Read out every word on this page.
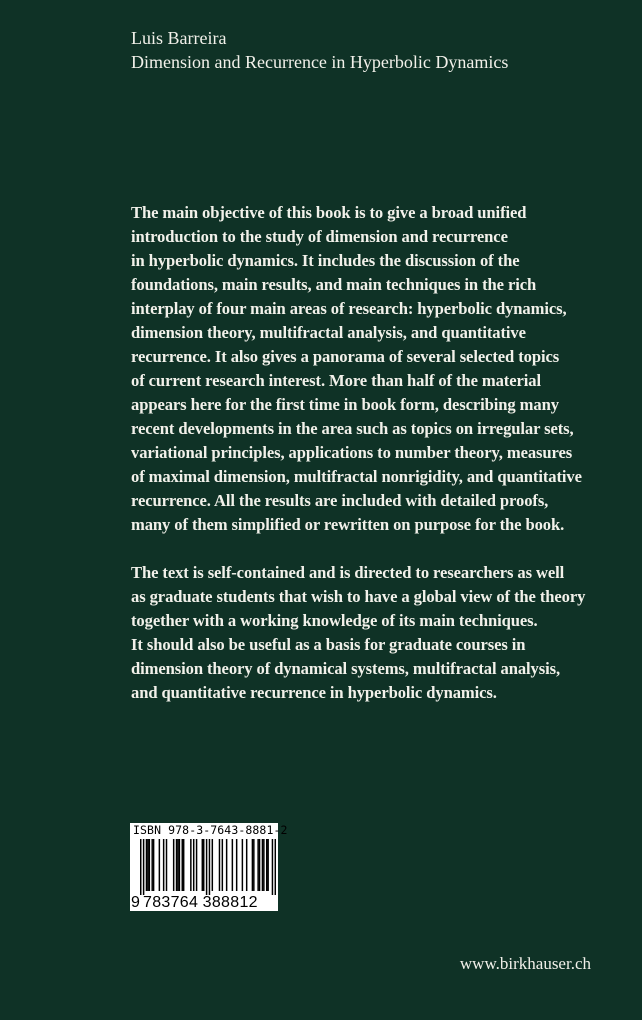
Luis Barreira
Dimension and Recurrence in Hyperbolic Dynamics
The main objective of this book is to give a broad unified
introduction to the study of dimension and recurrence
in hyperbolic dynamics. It includes the discussion of the
foundations, main results, and main techniques in the rich
interplay of four main areas of research: hyperbolic dynamics,
dimension theory, multifractal analysis, and quantitative
recurrence. It also gives a panorama of several selected topics
of current research interest. More than half of the material
appears here for the first time in book form, describing many
recent developments in the area such as topics on irregular sets,
variational principles, applications to number theory, measures
of maximal dimension, multifractal nonrigidity, and quantitative
recurrence. All the results are included with detailed proofs,
many of them simplified or rewritten on purpose for the book.
The text is self-contained and is directed to researchers as well
as graduate students that wish to have a global view of the theory
together with a working knowledge of its main techniques.
It should also be useful as a basis for graduate courses in
dimension theory of dynamical systems, multifractal analysis,
and quantitative recurrence in hyperbolic dynamics.
ISBN 978-3-7643-8881-2
9 783764 388812
www.birkhauser.ch
